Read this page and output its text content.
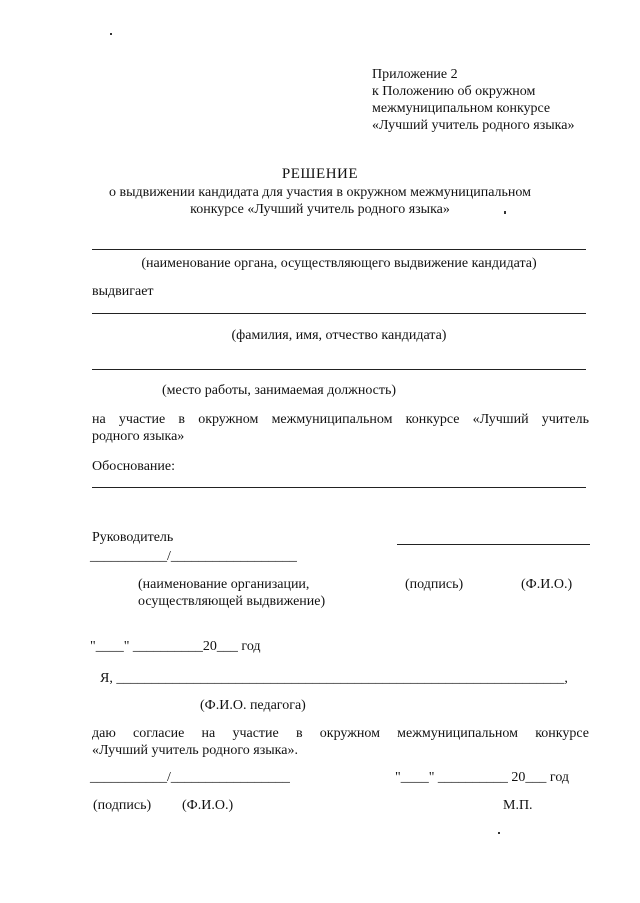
Приложение 2
к Положению об окружном
межмуниципальном конкурсе
«Лучший учитель родного языка»
РЕШЕНИЕ
о выдвижении кандидата для участия в окружном межмуниципальном
конкурсе «Лучший учитель родного языка»
(наименование органа, осуществляющего выдвижение кандидата)
выдвигает
(фамилия, имя, отчество кандидата)
(место работы, занимаемая должность)
на участие в окружном межмуниципальном конкурсе «Лучший учитель
родного языка»
Обоснование:
Руководитель
___________/__________________
(наименование организации,
осуществляющей выдвижение)
(подпись)	(Ф.И.О.)
"____" __________20___ год
Я, ________________________________________________________________,
(Ф.И.О. педагога)
даю согласие на участие в окружном межмуниципальном конкурсе
«Лучший учитель родного языка».
___________/_________________	"____" __________ 20___ год
(подпись) (Ф.И.О.)	М.П.
